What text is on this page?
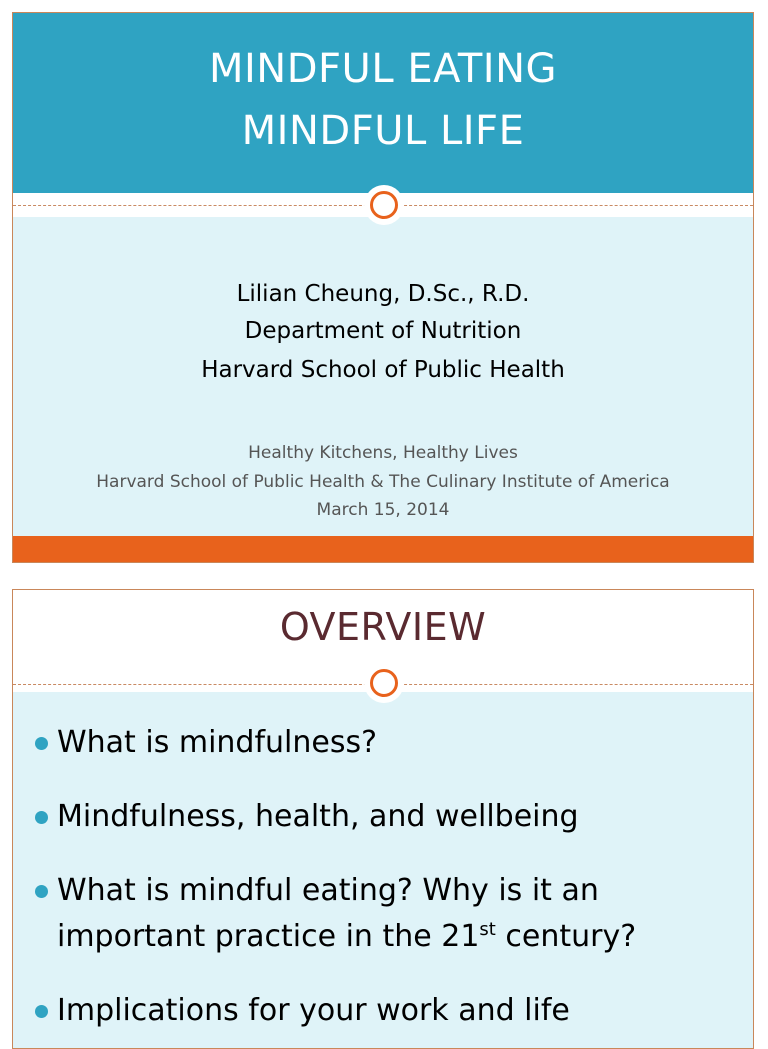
MINDFUL EATING
MINDFUL LIFE
Lilian Cheung, D.Sc., R.D.
Department of Nutrition
Harvard School of Public Health
Healthy Kitchens, Healthy Lives
Harvard School of Public Health & The Culinary Institute of America
March 15, 2014
OVERVIEW
What is mindfulness?
Mindfulness, health, and wellbeing
What is mindful eating? Why is it an important practice in the 21st century?
Implications for your work and life
